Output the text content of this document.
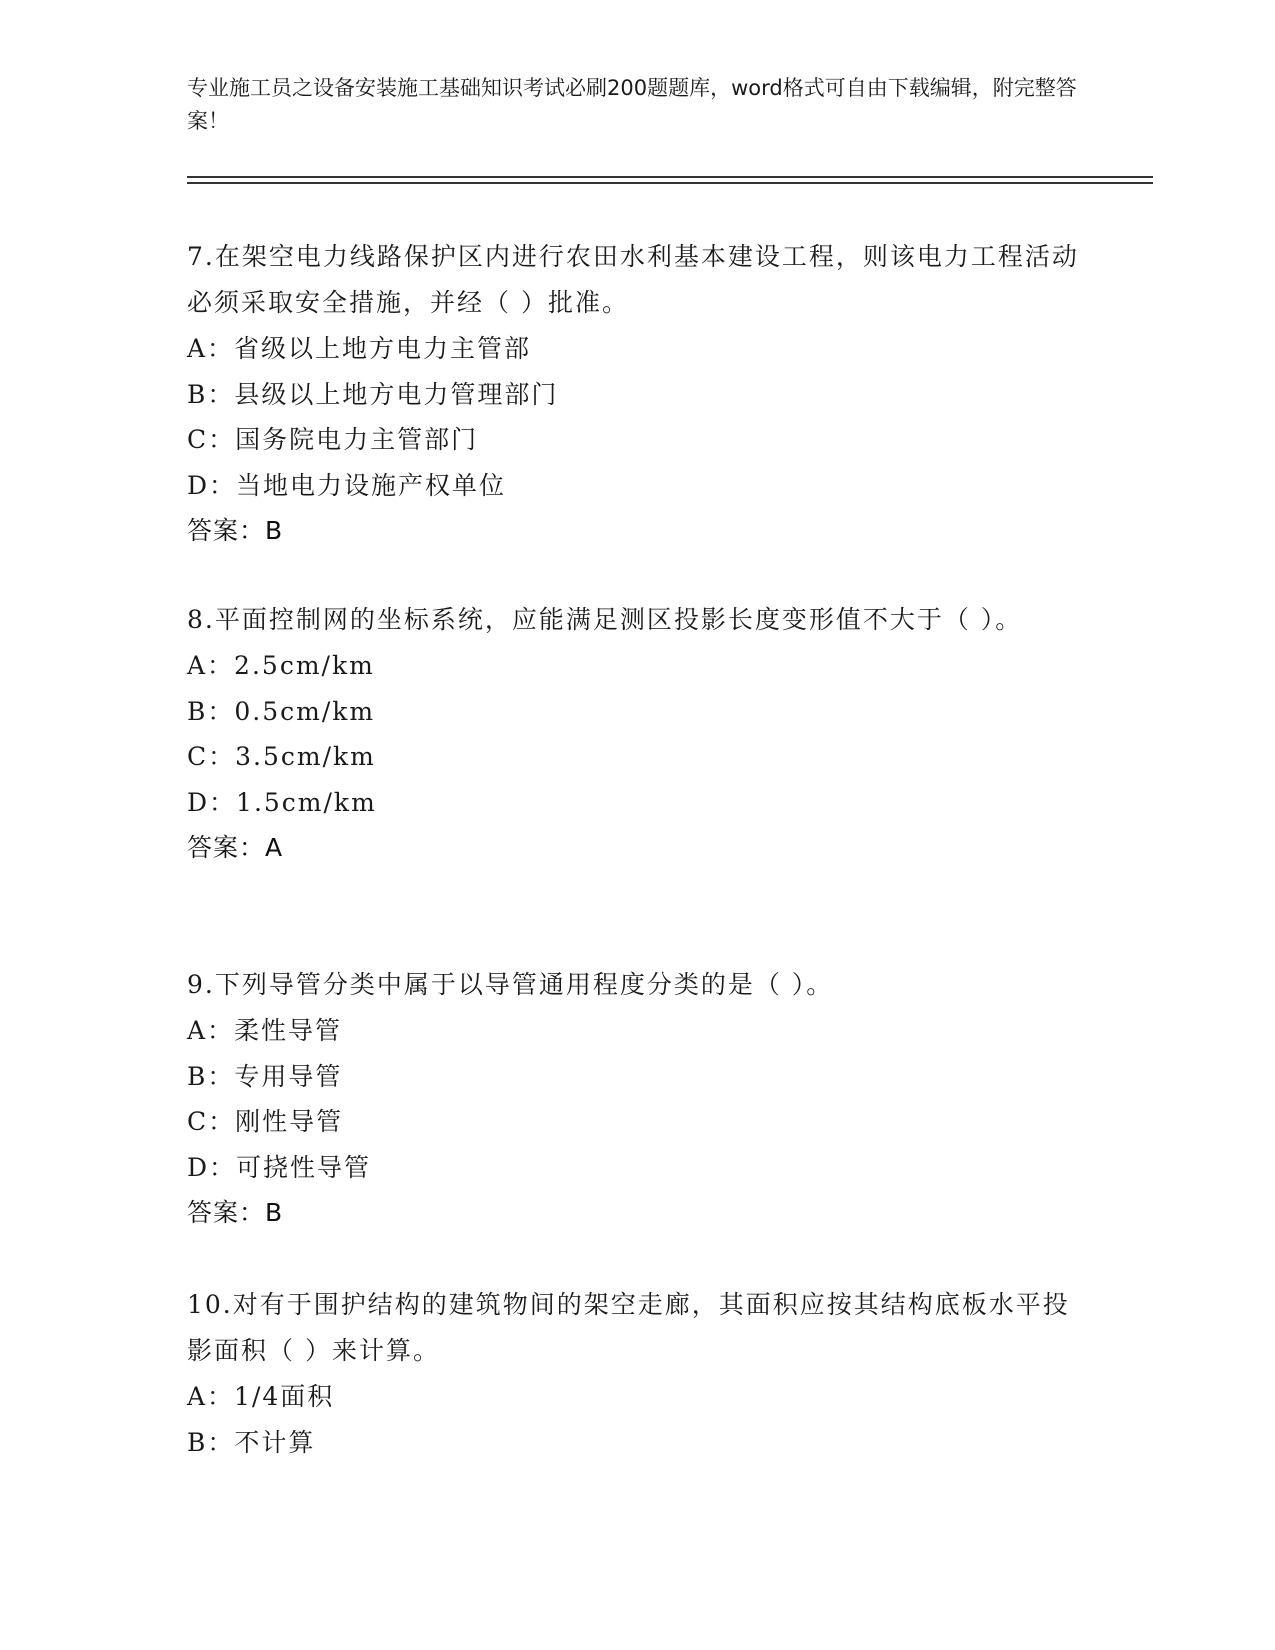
专业施工员之设备安装施工基础知识考试必刷200题题库，word格式可自由下载编辑，附完整答案！
7.在架空电力线路保护区内进行农田水利基本建设工程，则该电力工程活动必须采取安全措施，并经（ ）批准。
A：省级以上地方电力主管部
B：县级以上地方电力管理部门
C：国务院电力主管部门
D：当地电力设施产权单位
答案：B
8.平面控制网的坐标系统，应能满足测区投影长度变形值不大于（ ）。
A：2.5cm/km
B：0.5cm/km
C：3.5cm/km
D：1.5cm/km
答案：A
9.下列导管分类中属于以导管通用程度分类的是（ ）。
A：柔性导管
B：专用导管
C：刚性导管
D：可挠性导管
答案：B
10.对有于围护结构的建筑物间的架空走廊，其面积应按其结构底板水平投影面积（ ）来计算。
A：1/4面积
B：不计算
